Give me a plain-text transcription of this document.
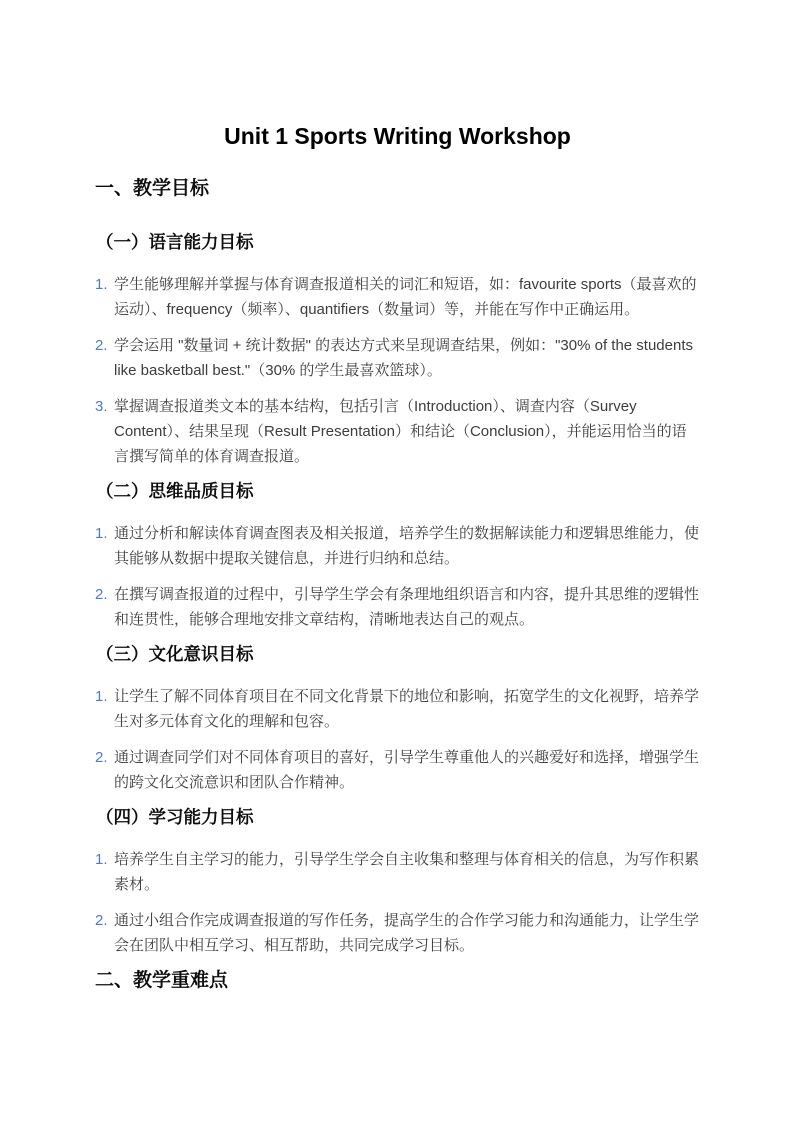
Unit 1 Sports Writing Workshop
一、教学目标
（一）语言能力目标
1. 学生能够理解并掌握与体育调查报道相关的词汇和短语，如：favourite sports（最喜欢的运动）、frequency（频率）、quantifiers（数量词）等，并能在写作中正确运用。
2. 学会运用 "数量词 + 统计数据" 的表达方式来呈现调查结果，例如："30% of the students like basketball best."（30% 的学生最喜欢篮球）。
3. 掌握调查报道类文本的基本结构，包括引言（Introduction）、调查内容（Survey Content）、结果呈现（Result Presentation）和结论（Conclusion），并能运用恰当的语言撰写简单的体育调查报道。
（二）思维品质目标
1. 通过分析和解读体育调查图表及相关报道，培养学生的数据解读能力和逻辑思维能力，使其能够从数据中提取关键信息，并进行归纳和总结。
2. 在撰写调查报道的过程中，引导学生学会有条理地组织语言和内容，提升其思维的逻辑性和连贯性，能够合理地安排文章结构，清晰地表达自己的观点。
（三）文化意识目标
1. 让学生了解不同体育项目在不同文化背景下的地位和影响，拓宽学生的文化视野，培养学生对多元体育文化的理解和包容。
2. 通过调查同学们对不同体育项目的喜好，引导学生尊重他人的兴趣爱好和选择，增强学生的跨文化交流意识和团队合作精神。
（四）学习能力目标
1. 培养学生自主学习的能力，引导学生学会自主收集和整理与体育相关的信息，为写作积累素材。
2. 通过小组合作完成调查报道的写作任务，提高学生的合作学习能力和沟通能力，让学生学会在团队中相互学习、相互帮助，共同完成学习目标。
二、教学重难点
